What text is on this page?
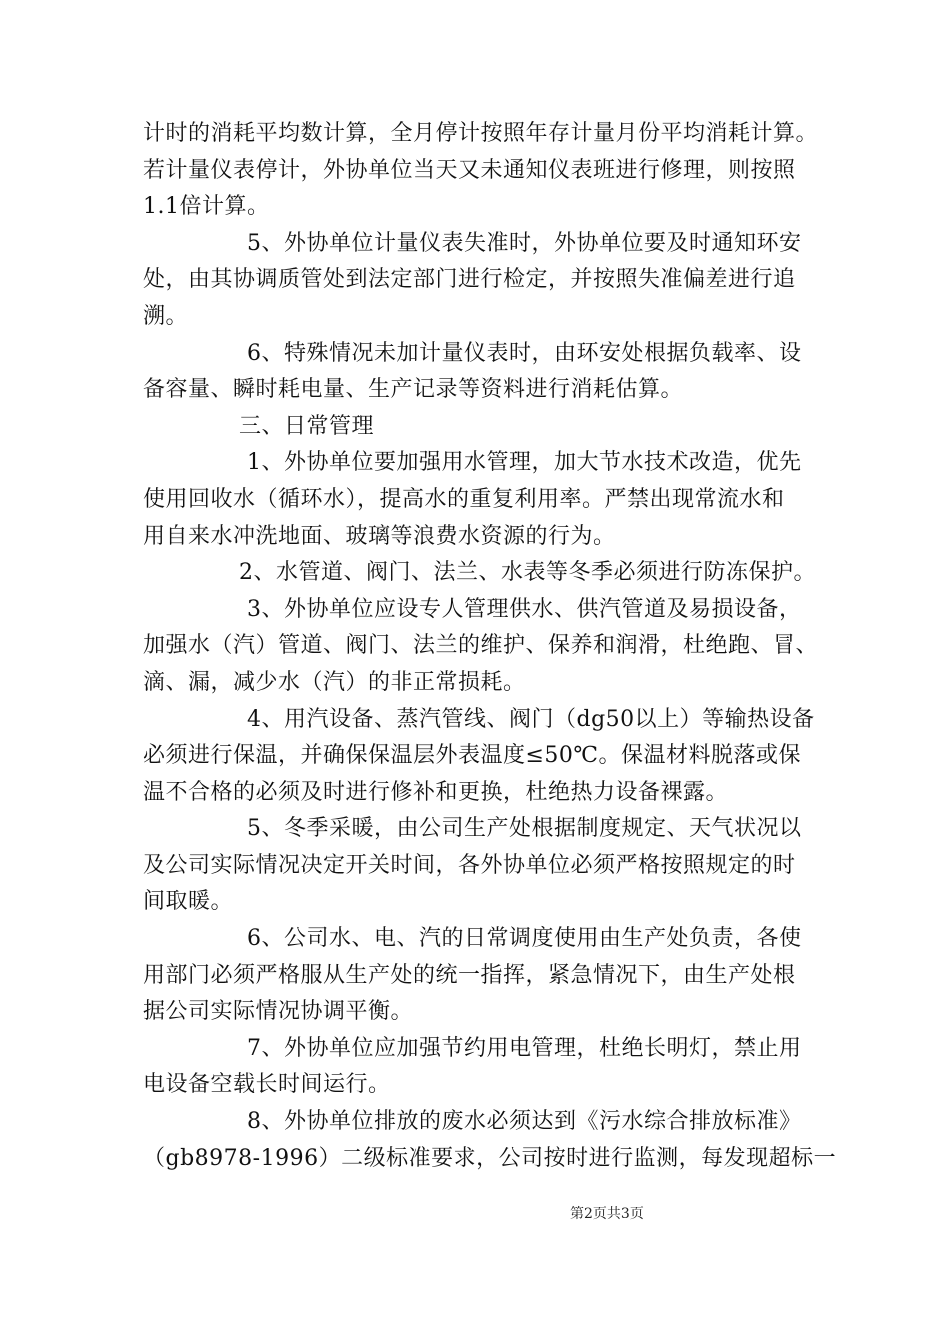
计时的消耗平均数计算，全月停计按照年存计量月份平均消耗计算。
若计量仪表停计，外协单位当天又未通知仪表班进行修理，则按照
1.1倍计算。
5、外协单位计量仪表失准时，外协单位要及时通知环安
处，由其协调质管处到法定部门进行检定，并按照失准偏差进行追
溯。
6、特殊情况未加计量仪表时，由环安处根据负载率、设
备容量、瞬时耗电量、生产记录等资料进行消耗估算。
三、日常管理
1、外协单位要加强用水管理，加大节水技术改造，优先
使用回收水（循环水），提高水的重复利用率。严禁出现常流水和
用自来水冲洗地面、玻璃等浪费水资源的行为。
2、水管道、阀门、法兰、水表等冬季必须进行防冻保护。
3、外协单位应设专人管理供水、供汽管道及易损设备，
加强水（汽）管道、阀门、法兰的维护、保养和润滑，杜绝跑、冒、
滴、漏，减少水（汽）的非正常损耗。
4、用汽设备、蒸汽管线、阀门（dg50以上）等输热设备
必须进行保温，并确保保温层外表温度≤50℃。保温材料脱落或保
温不合格的必须及时进行修补和更换，杜绝热力设备裸露。
5、冬季采暖，由公司生产处根据制度规定、天气状况以
及公司实际情况决定开关时间，各外协单位必须严格按照规定的时
间取暖。
6、公司水、电、汽的日常调度使用由生产处负责，各使
用部门必须严格服从生产处的统一指挥，紧急情况下，由生产处根
据公司实际情况协调平衡。
7、外协单位应加强节约用电管理，杜绝长明灯，禁止用
电设备空载长时间运行。
8、外协单位排放的废水必须达到《污水综合排放标准》
（gb8978-1996）二级标准要求，公司按时进行监测，每发现超标一
第2页共3页
